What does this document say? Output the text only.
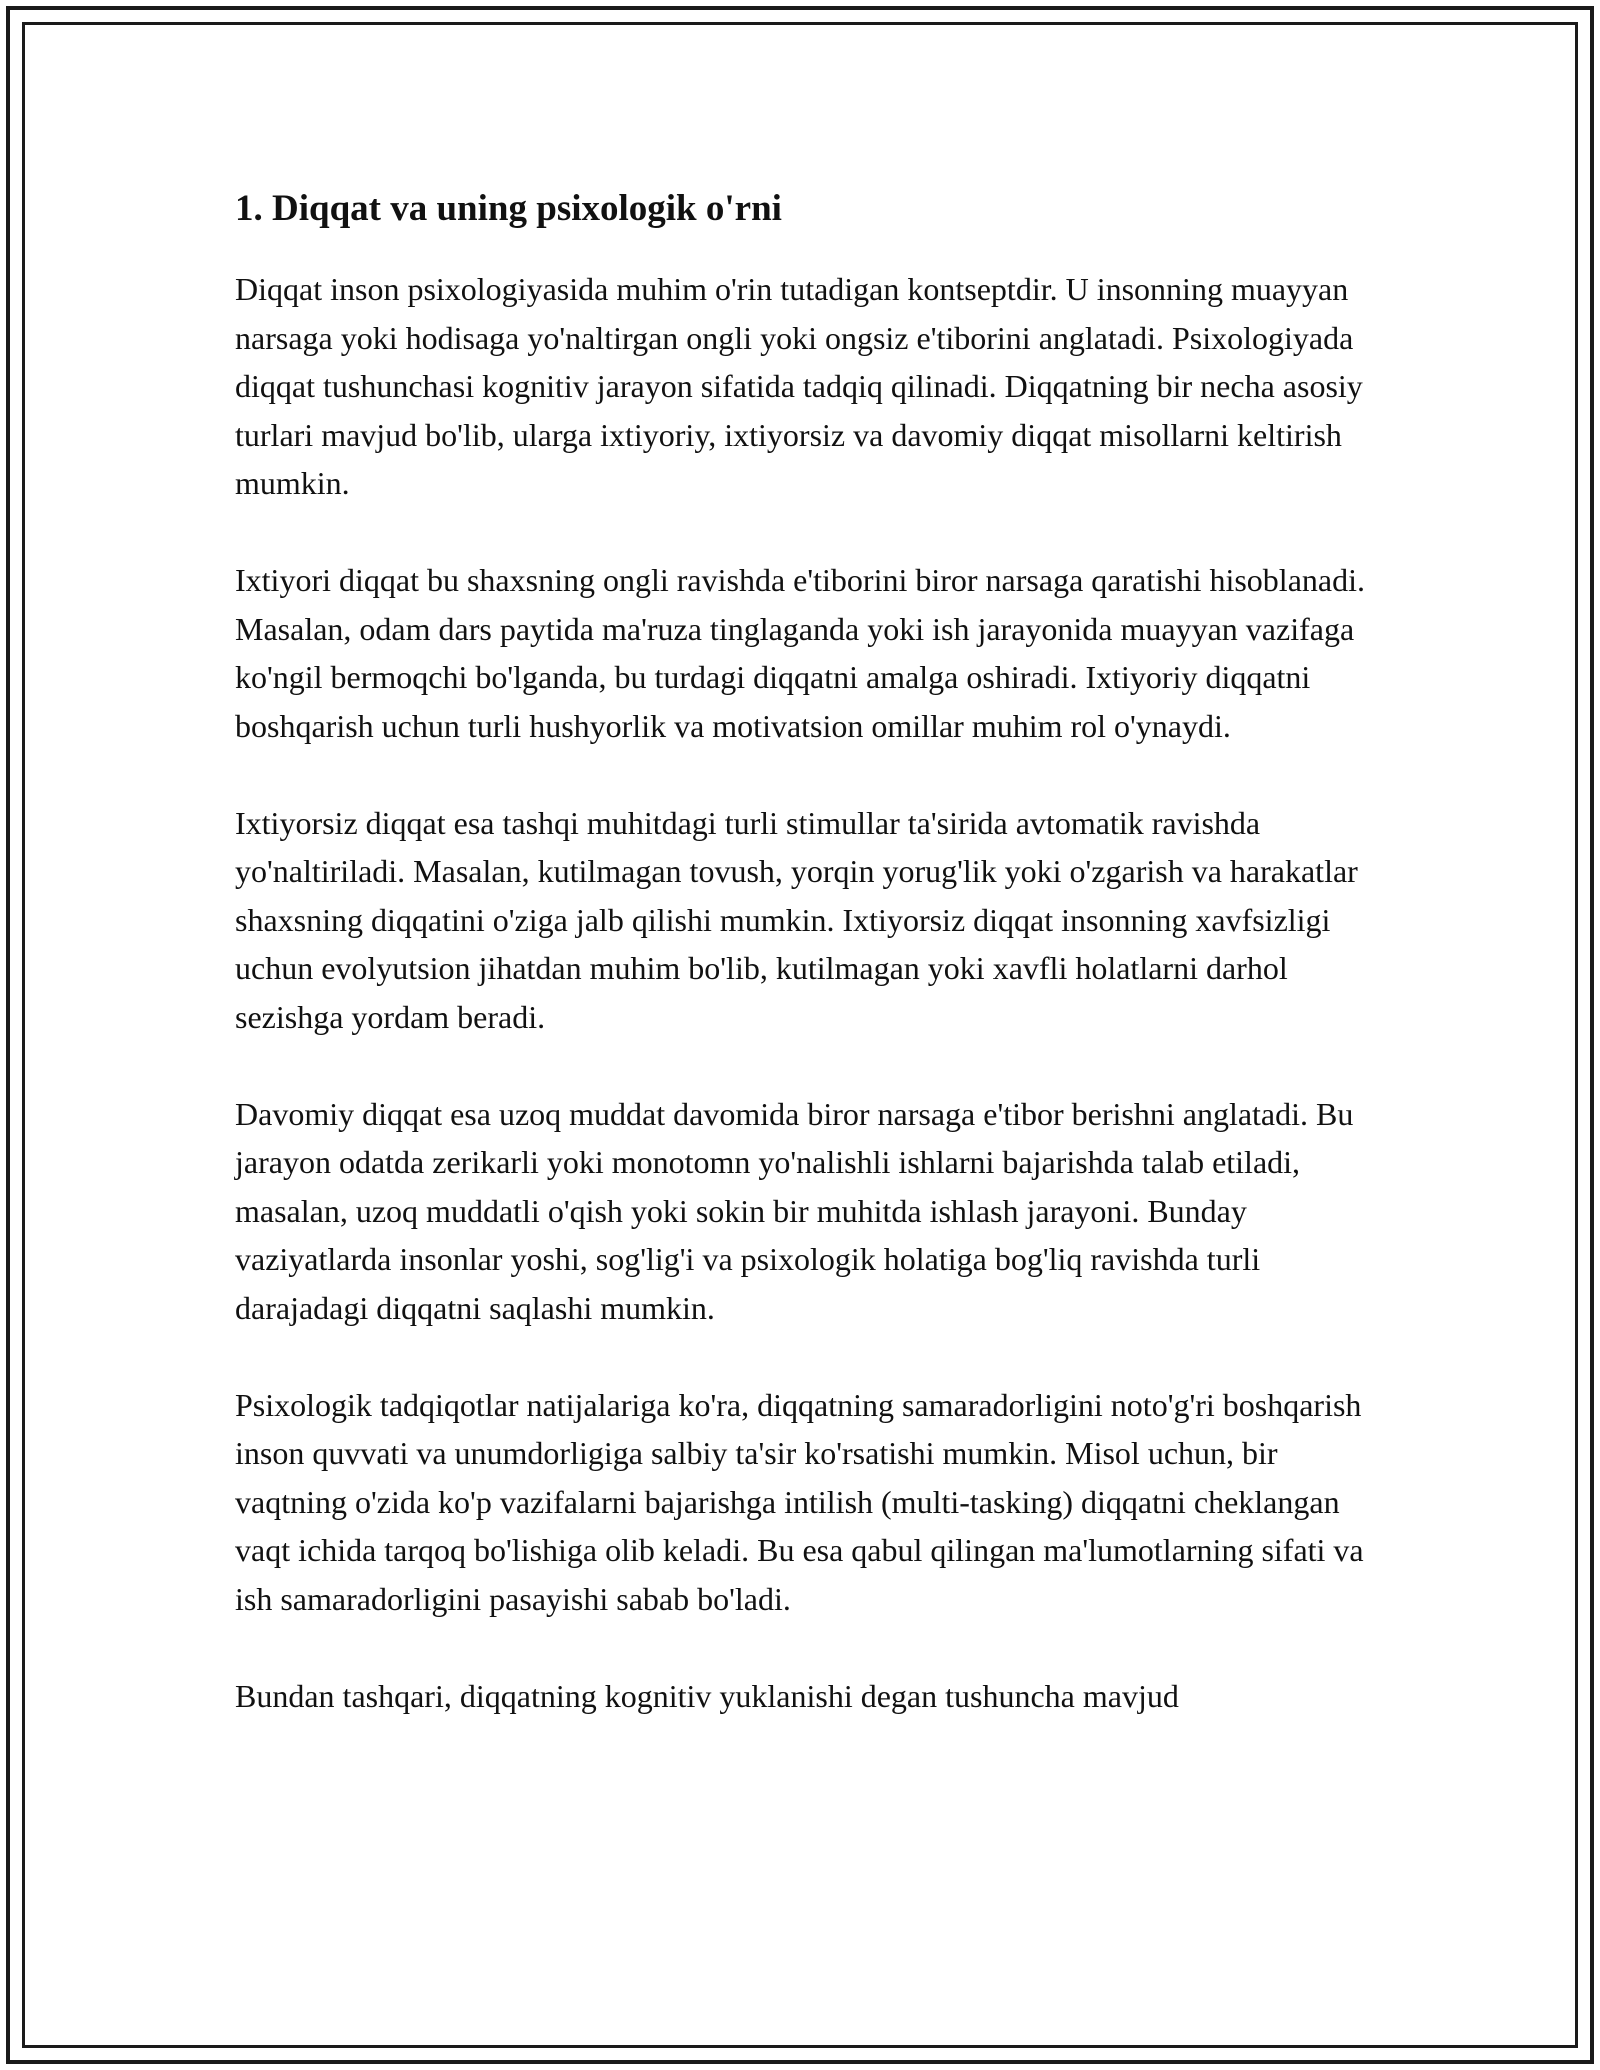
1. Diqqat va uning psixologik o'rni

Diqqat inson psixologiyasida muhim o'rin tutadigan kontseptdir. U insonning muayyan narsaga yoki hodisaga yo'naltirgan ongli yoki ongsiz e'tiborini anglatadi. Psixologiyada diqqat tushunchasi kognitiv jarayon sifatida tadqiq qilinadi. Diqqatning bir necha asosiy turlari mavjud bo'lib, ularga ixtiyoriy, ixtiyorsiz va davomiy diqqat misollarni keltirish mumkin.

Ixtiyori diqqat bu shaxsning ongli ravishda e'tiborini biror narsaga qaratishi hisoblanadi. Masalan, odam dars paytida ma'ruza tinglaganda yoki ish jarayonida muayyan vazifaga ko'ngil bermoqchi bo'lganda, bu turdagi diqqatni amalga oshiradi. Ixtiyoriy diqqatni boshqarish uchun turli hushyorlik va motivatsion omillar muhim rol o'ynaydi.

Ixtiyorsiz diqqat esa tashqi muhitdagi turli stimullar ta'sirida avtomatik ravishda yo'naltiriladi. Masalan, kutilmagan tovush, yorqin yorug'lik yoki o'zgarish va harakatlar shaxsning diqqatini o'ziga jalb qilishi mumkin. Ixtiyorsiz diqqat insonning xavfsizligi uchun evolyutsion jihatdan muhim bo'lib, kutilmagan yoki xavfli holatlarni darhol sezishga yordam beradi.

Davomiy diqqat esa uzoq muddat davomida biror narsaga e'tibor berishni anglatadi. Bu jarayon odatda zerikarli yoki monotomn yo'nalishli ishlarni bajarishda talab etiladi, masalan, uzoq muddatli o'qish yoki sokin bir muhitda ishlash jarayoni. Bunday vaziyatlarda insonlar yoshi, sog'lig'i va psixologik holatiga bog'liq ravishda turli darajadagi diqqatni saqlashi mumkin.

Psixologik tadqiqotlar natijalariga ko'ra, diqqatning samaradorligini noto'g'ri boshqarish inson quvvati va unumdorligiga salbiy ta'sir ko'rsatishi mumkin. Misol uchun, bir vaqtning o'zida ko'p vazifalarni bajarishga intilish (multi-tasking) diqqatni cheklangan vaqt ichida tarqoq bo'lishiga olib keladi. Bu esa qabul qilingan ma'lumotlarning sifati va ish samaradorligini pasayishi sabab bo'ladi.

Bundan tashqari, diqqatning kognitiv yuklanishi degan tushuncha mavjud
